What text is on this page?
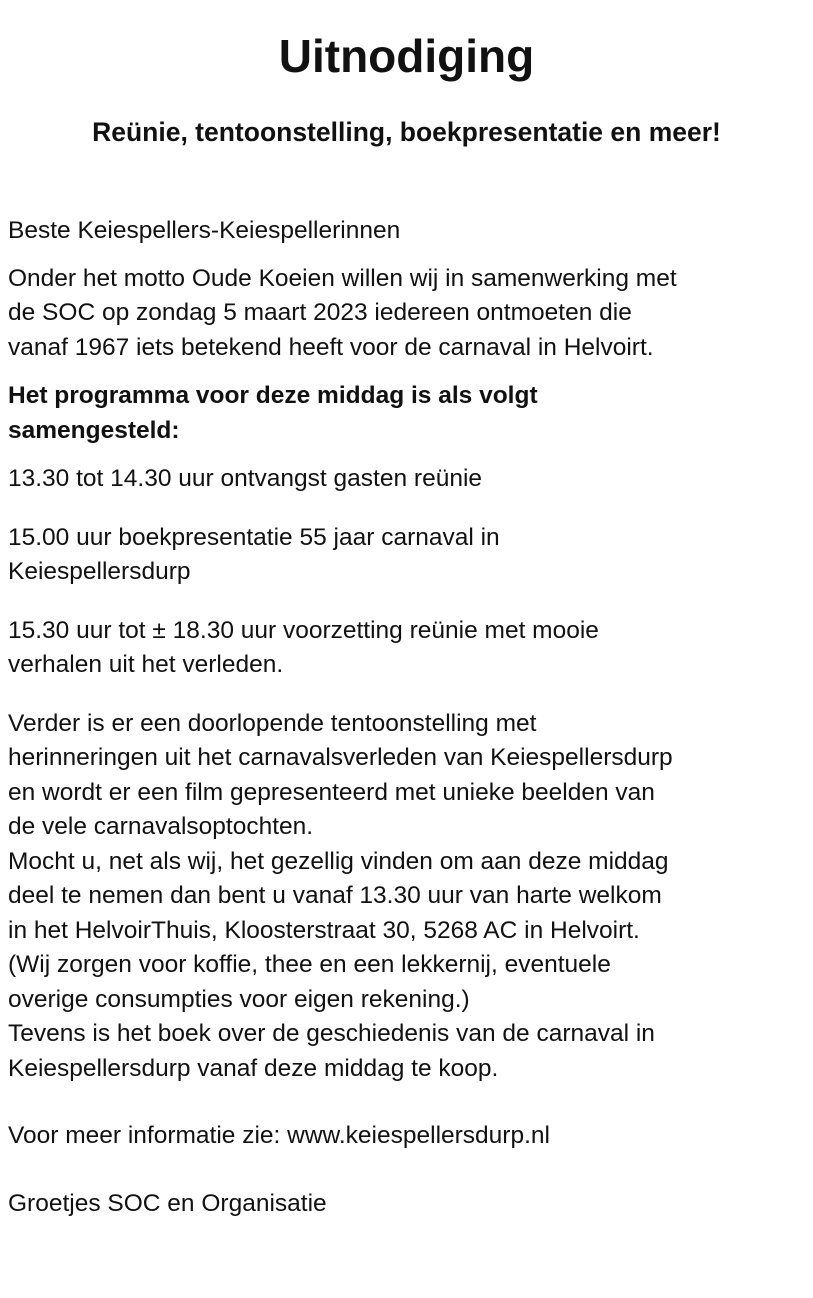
Uitnodiging
Reünie, tentoonstelling, boekpresentatie en meer!

Beste Keiespellers-Keiespellerinnen

Onder het motto Oude Koeien willen wij in samenwerking met
de SOC op zondag 5 maart 2023 iedereen ontmoeten die
vanaf 1967 iets betekend heeft voor de carnaval in Helvoirt.

Het programma voor deze middag is als volgt
samengesteld:

13.30 tot 14.30 uur ontvangst gasten reünie

15.00 uur boekpresentatie 55 jaar carnaval in
Keiespellersdurp

15.30 uur tot ± 18.30 uur voorzetting reünie met mooie
verhalen uit het verleden.

Verder is er een doorlopende tentoonstelling met
herinneringen uit het carnavalsverleden van Keiespellersdurp
en wordt er een film gepresenteerd met unieke beelden van
de vele carnavalsoptochten.
Mocht u, net als wij, het gezellig vinden om aan deze middag
deel te nemen dan bent u vanaf 13.30 uur van harte welkom
in het HelvoirThuis, Kloosterstraat 30, 5268 AC in Helvoirt.
(Wij zorgen voor koffie, thee en een lekkernij, eventuele
overige consumpties voor eigen rekening.)
Tevens is het boek over de geschiedenis van de carnaval in
Keiespellersdurp vanaf deze middag te koop.

Voor meer informatie zie: www.keiespellersdurp.nl

Groetjes SOC en Organisatie
